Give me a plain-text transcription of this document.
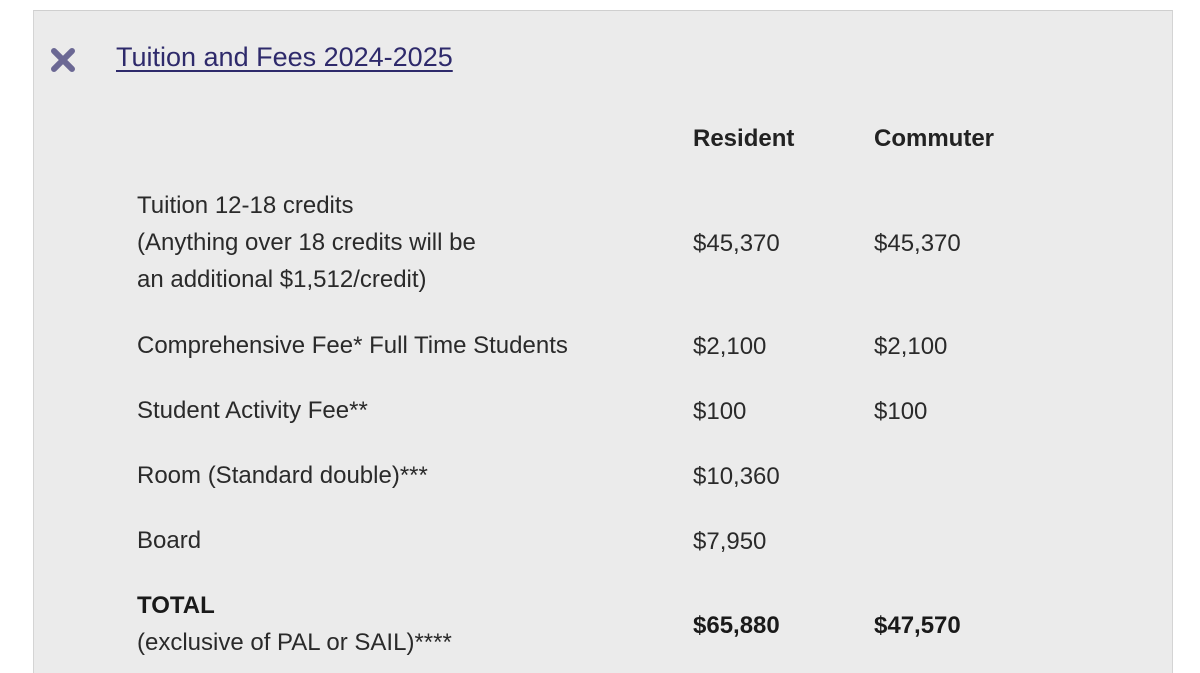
Tuition and Fees 2024-2025
Resident	Commuter
Tuition 12-18 credits
(Anything over 18 credits will be
an additional $1,512/credit)
$45,370	$45,370
Comprehensive Fee* Full Time Students	$2,100	$2,100
Student Activity Fee**	$100	$100
Room (Standard double)***	$10,360
Board	$7,950
TOTAL
(exclusive of PAL or SAIL)****
$65,880	$47,570
